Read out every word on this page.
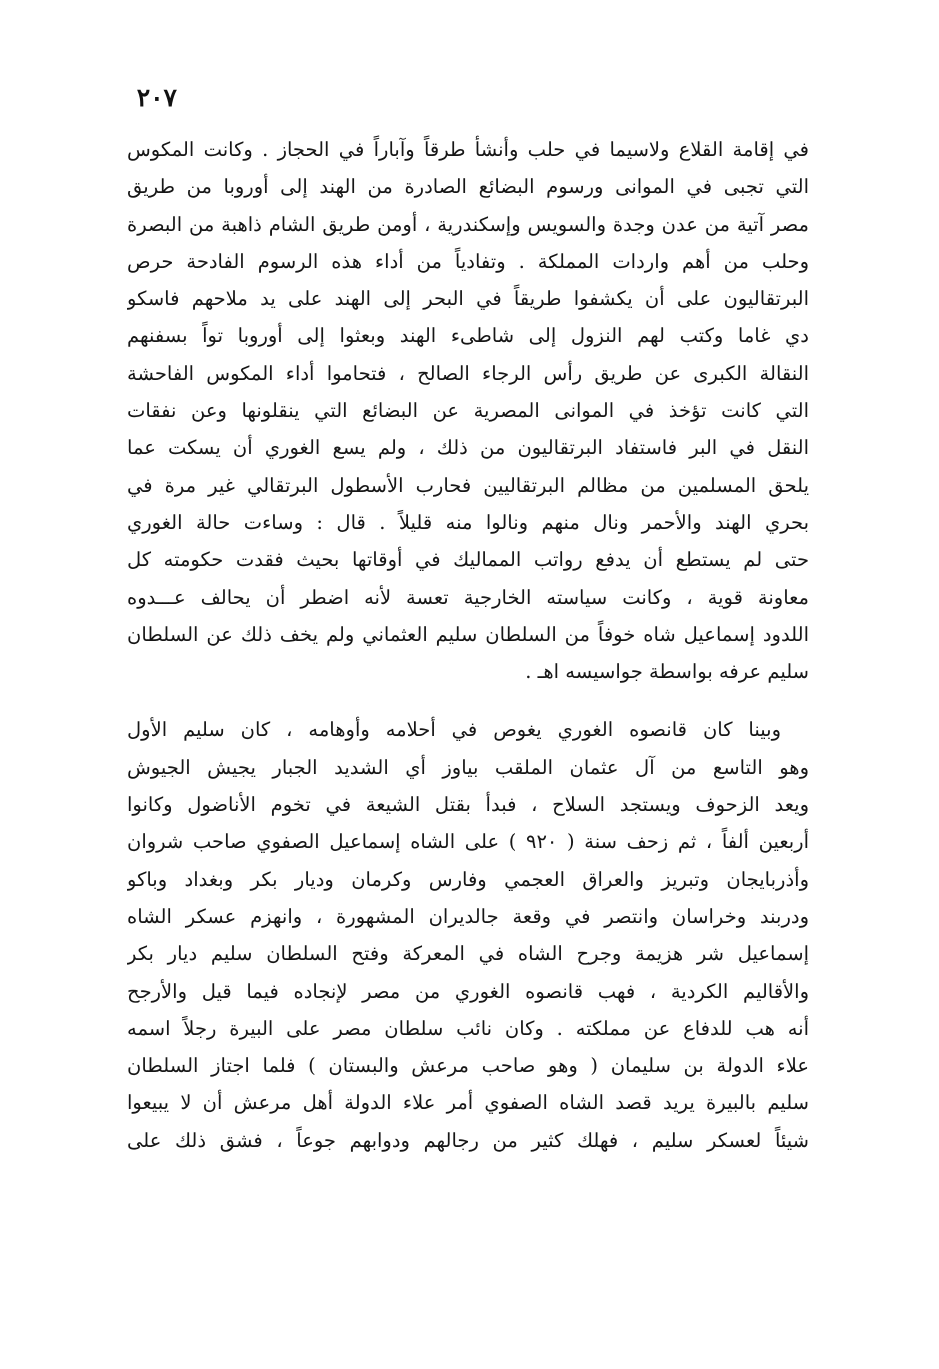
٢٠٧
في إقامة القلاع ولاسيما في حلب وأنشأ طرقاً وآباراً في الحجاز . وكانت المكوس
التي تجبى في الموانى ورسوم البضائع الصادرة من الهند إلى أوروبا من طريق
مصر آتية من عدن وجدة والسويس وإسكندرية ، أومن طريق الشام ذاهبة من البصرة
وحلب من أهم واردات المملكة . وتفادياً من أداء هذه الرسوم الفادحة حرص
البرتقاليون على أن يكشفوا طريقاً في البحر إلى الهند على يد ملاحهم فاسكو
دي غاما وكتب لهم النزول إلى شاطىء الهند وبعثوا إلى أوروبا تواً بسفنهم
النقالة الكبرى عن طريق رأس الرجاء الصالح ، فتحاموا أداء المكوس الفاحشة
التي كانت تؤخذ في الموانى المصرية عن البضائع التي ينقلونها وعن نفقات
النقل في البر فاستفاد البرتقاليون من ذلك ، ولم يسع الغوري أن يسكت عما
يلحق المسلمين من مظالم البرتقاليين فحارب الأسطول البرتقالي غير مرة في
بحري الهند والأحمر ونال منهم ونالوا منه قليلاً . قال : وساءت حالة الغوري
حتى لم يستطع أن يدفع رواتب المماليك في أوقاتها بحيث فقدت حكومته كل
معاونة قوية ، وكانت سياسته الخارجية تعسة لأنه اضطر أن يحالف عـــدوه
اللدود إسماعيل شاه خوفاً من السلطان سليم العثماني ولم يخف ذلك عن السلطان
سليم عرفه بواسطة جواسيسه اهـ .
وبينا كان قانصوه الغوري يغوص في أحلامه وأوهامه ، كان سليم الأول
وهو التاسع من آل عثمان الملقب بياوز أي الشديد الجبار يجيش الجيوش
ويعد الزحوف ويستجد السلاح ، فبدأ بقتل الشيعة في تخوم الأناضول وكانوا
أربعين ألفاً ، ثم زحف سنة ( ٩٢٠ ) على الشاه إسماعيل الصفوي صاحب شروان
وأذربايجان وتبريز والعراق العجمي وفارس وكرمان وديار بكر وبغداد وباكو
ودربند وخراسان وانتصر في وقعة جالديران المشهورة ، وانهزم عسكر الشاه
إسماعيل شر هزيمة وجرح الشاه في المعركة وفتح السلطان سليم ديار بكر
والأقاليم الكردية ، فهب قانصوه الغوري من مصر لإنجاده فيما قيل والأرجح
أنه هب للدفاع عن مملكته . وكان نائب سلطان مصر على البيرة رجلاً اسمه
علاء الدولة بن سليمان ( وهو صاحب مرعش والبستان ) فلما اجتاز السلطان
سليم بالبيرة يريد قصد الشاه الصفوي أمر علاء الدولة أهل مرعش أن لا يبيعوا
شيئاً لعسكر سليم ، فهلك كثير من رجالهم ودوابهم جوعاً ، فشق ذلك على
